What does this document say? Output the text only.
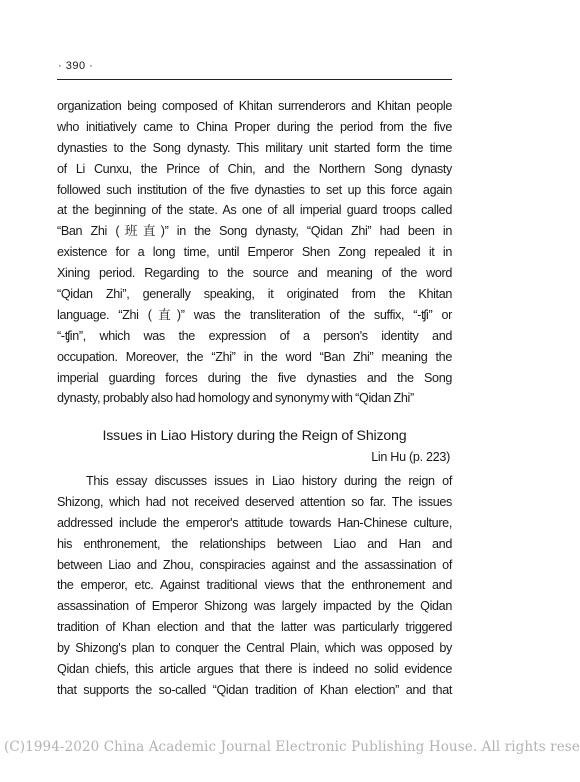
· 390 ·
organization being composed of Khitan surrenderors and Khitan people
who initiatively came to China Proper during the period from the five
dynasties to the Song dynasty. This military unit started form the time
of Li Cunxu, the Prince of Chin, and the Northern Song dynasty
followed such institution of the five dynasties to set up this force again
at the beginning of the state. As one of all imperial guard troops called
“Ban Zhi (班直)” in the Song dynasty, “Qidan Zhi” had been in
existence for a long time, until Emperor Shen Zong repealed it in
Xining period. Regarding to the source and meaning of the word
“Qidan Zhi”, generally speaking, it originated from the Khitan
language. “Zhi (直)” was the transliteration of the suffix, “-ʧi” or
“-ʧin”, which was the expression of a person's identity and
occupation. Moreover, the “Zhi” in the word “Ban Zhi” meaning the
imperial guarding forces during the five dynasties and the Song
dynasty, probably also had homology and synonymy with “Qidan Zhi”
Issues in Liao History during the Reign of Shizong
Lin Hu (p. 223)
This essay discusses issues in Liao history during the reign of
Shizong, which had not received deserved attention so far. The issues
addressed include the emperor's attitude towards Han-Chinese culture,
his enthronement, the relationships between Liao and Han and
between Liao and Zhou, conspiracies against and the assassination of
the emperor, etc. Against traditional views that the enthronement and
assassination of Emperor Shizong was largely impacted by the Qidan
tradition of Khan election and that the latter was particularly triggered
by Shizong's plan to conquer the Central Plain, which was opposed by
Qidan chiefs, this article argues that there is indeed no solid evidence
that supports the so-called “Qidan tradition of Khan election” and that
(C)1994-2020 China Academic Journal Electronic Publishing House. All rights rese
